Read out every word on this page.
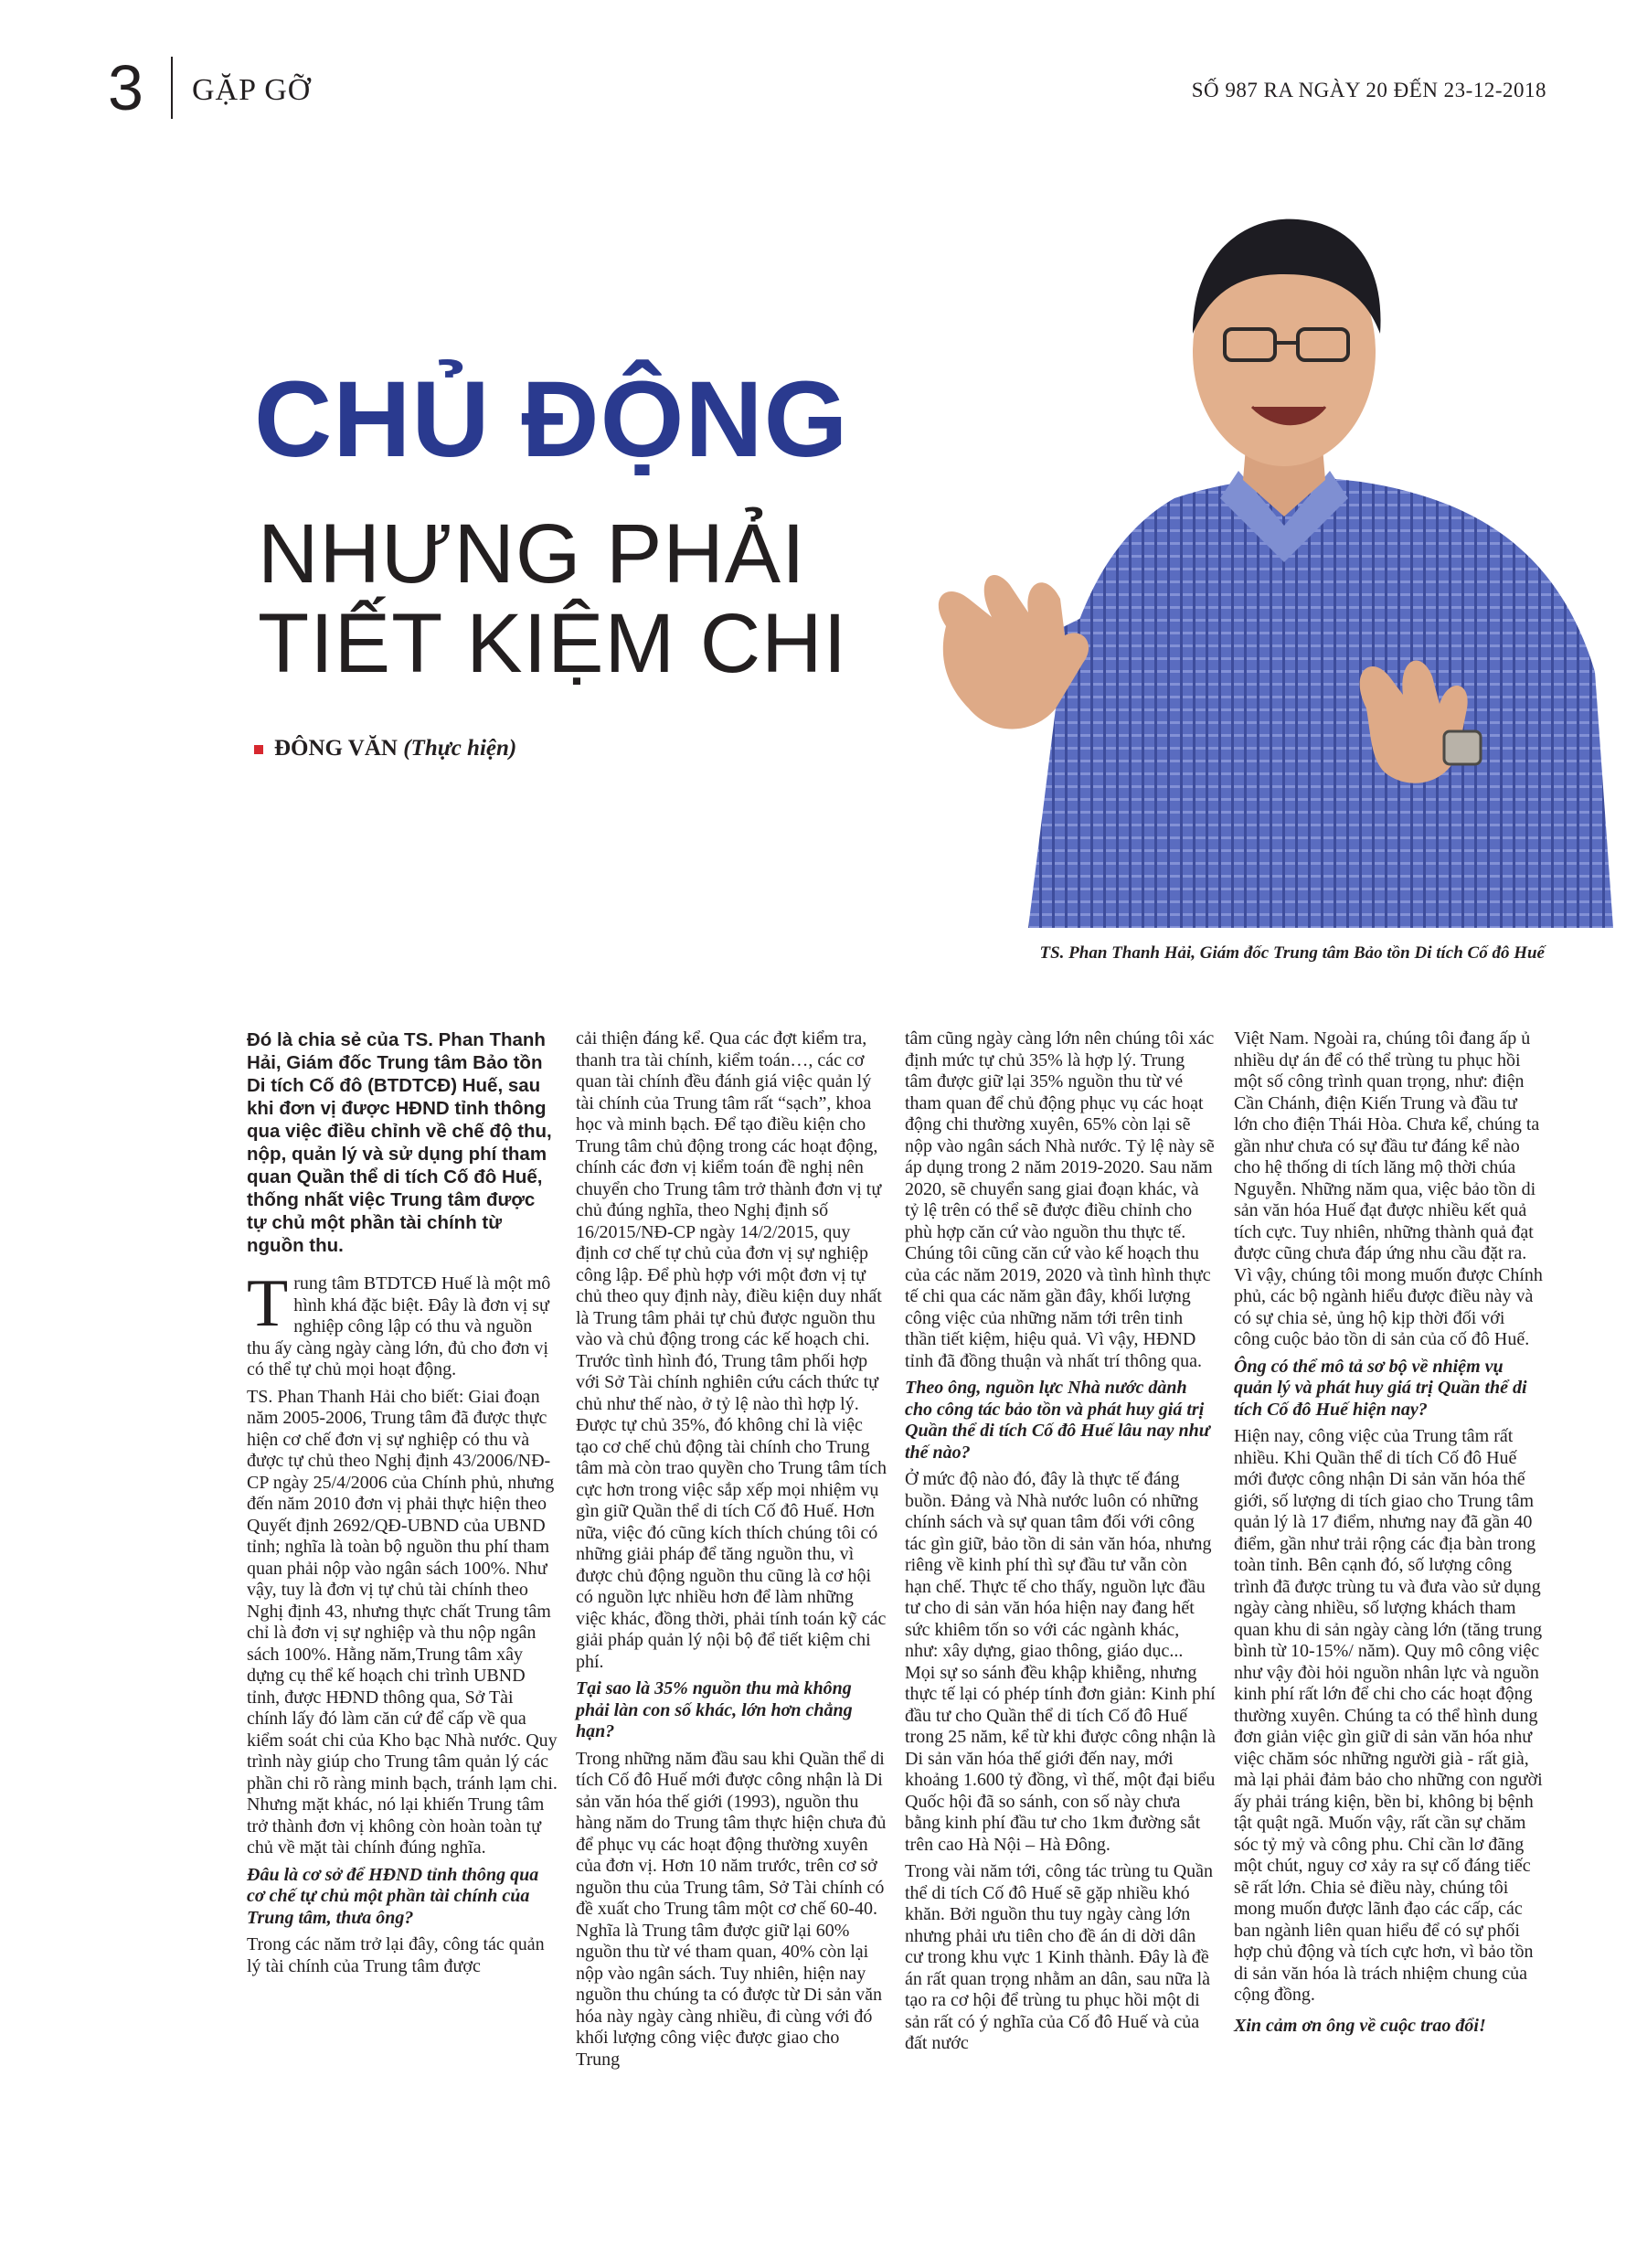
3 GẶP GỠ	SỐ 987 RA NGÀY 20 ĐẾN 23-12-2018
CHỦ ĐỘNG
NHƯNG PHẢI
TIẾT KIỆM CHI
ĐÔNG VĂN (Thực hiện)
TS. Phan Thanh Hải, Giám đốc Trung tâm Bảo tồn Di tích Cố đô Huế

Đó là chia sẻ của TS. Phan Thanh Hải, Giám đốc Trung tâm Bảo tồn Di tích Cố đô (BTDTCĐ) Huế, sau khi đơn vị được HĐND tỉnh thông qua việc điều chỉnh về chế độ thu, nộp, quản lý và sử dụng phí tham quan Quần thể di tích Cố đô Huế, thống nhất việc Trung tâm được tự chủ một phần tài chính từ nguồn thu.

T rung tâm BTDTCĐ Huế là một mô hình khá đặc biệt. Đây là đơn vị sự nghiệp công lập có thu và nguồn thu ấy càng ngày càng lớn, đủ cho đơn vị có thể tự chủ mọi hoạt động.

TS. Phan Thanh Hải cho biết: Giai đoạn năm 2005-2006, Trung tâm đã được thực hiện cơ chế đơn vị sự nghiệp có thu và được tự chủ theo Nghị định 43/2006/NĐ-CP ngày 25/4/2006 của Chính phủ, nhưng đến năm 2010 đơn vị phải thực hiện theo Quyết định 2692/QĐ-UBND của UBND tỉnh; nghĩa là toàn bộ nguồn thu phí tham quan phải nộp vào ngân sách 100%. Như vậy, tuy là đơn vị tự chủ tài chính theo Nghị định 43, nhưng thực chất Trung tâm chỉ là đơn vị sự nghiệp và thu nộp ngân sách 100%. Hằng năm,Trung tâm xây dựng cụ thể kế hoạch chi trình UBND tỉnh, được HĐND thông qua, Sở Tài chính lấy đó làm căn cứ để cấp về qua kiểm soát chi của Kho bạc Nhà nước. Quy trình này giúp cho Trung tâm quản lý các phần chi rõ ràng minh bạch, tránh lạm chi. Nhưng mặt khác, nó lại khiến Trung tâm trở thành đơn vị không còn hoàn toàn tự chủ về mặt tài chính đúng nghĩa.

Đâu là cơ sở để HĐND tỉnh thông qua cơ chế tự chủ một phần tài chính của Trung tâm, thưa ông?

Trong các năm trở lại đây, công tác quản lý tài chính của Trung tâm được

cải thiện đáng kể. Qua các đợt kiểm tra, thanh tra tài chính, kiểm toán…, các cơ quan tài chính đều đánh giá việc quản lý tài chính của Trung tâm rất “sạch”, khoa học và minh bạch. Để tạo điều kiện cho Trung tâm chủ động trong các hoạt động, chính các đơn vị kiểm toán đề nghị nên chuyển cho Trung tâm trở thành đơn vị tự chủ đúng nghĩa, theo Nghị định số 16/2015/NĐ-CP ngày 14/2/2015, quy định cơ chế tự chủ của đơn vị sự nghiệp công lập. Để phù hợp với một đơn vị tự chủ theo quy định này, điều kiện duy nhất là Trung tâm phải tự chủ được nguồn thu vào và chủ động trong các kế hoạch chi. Trước tình hình đó, Trung tâm phối hợp với Sở Tài chính nghiên cứu cách thức tự chủ như thế nào, ở tỷ lệ nào thì hợp lý. Được tự chủ 35%, đó không chỉ là việc tạo cơ chế chủ động tài chính cho Trung tâm mà còn trao quyền cho Trung tâm tích cực hơn trong việc sắp xếp mọi nhiệm vụ gìn giữ Quần thể di tích Cố đô Huế. Hơn nữa, việc đó cũng kích thích chúng tôi có những giải pháp để tăng nguồn thu, vì được chủ động nguồn thu cũng là cơ hội có nguồn lực nhiều hơn để làm những việc khác, đồng thời, phải tính toán kỹ các giải pháp quản lý nội bộ để tiết kiệm chi phí.

Tại sao là 35% nguồn thu mà không phải làn con số khác, lớn hơn chẳng hạn?

Trong những năm đầu sau khi Quần thể di tích Cố đô Huế mới được công nhận là Di sản văn hóa thế giới (1993), nguồn thu hàng năm do Trung tâm thực hiện chưa đủ để phục vụ các hoạt động thường xuyên của đơn vị. Hơn 10 năm trước, trên cơ sở nguồn thu của Trung tâm, Sở Tài chính có đề xuất cho Trung tâm một cơ chế 60-40. Nghĩa là Trung tâm được giữ lại 60% nguồn thu từ vé tham quan, 40% còn lại nộp vào ngân sách. Tuy nhiên, hiện nay nguồn thu chúng ta có được từ Di sản văn hóa này ngày càng nhiều, đi cùng với đó khối lượng công việc được giao cho Trung

tâm cũng ngày càng lớn nên chúng tôi xác định mức tự chủ 35% là hợp lý. Trung tâm được giữ lại 35% nguồn thu từ vé tham quan để chủ động phục vụ các hoạt động chi thường xuyên, 65% còn lại sẽ nộp vào ngân sách Nhà nước. Tỷ lệ này sẽ áp dụng trong 2 năm 2019-2020. Sau năm 2020, sẽ chuyển sang giai đoạn khác, và tỷ lệ trên có thể sẽ được điều chỉnh cho phù hợp căn cứ vào nguồn thu thực tế. Chúng tôi cũng căn cứ vào kế hoạch thu của các năm 2019, 2020 và tình hình thực tế chi qua các năm gần đây, khối lượng công việc của những năm tới trên tinh thần tiết kiệm, hiệu quả. Vì vậy, HĐND tỉnh đã đồng thuận và nhất trí thông qua.

Theo ông, nguồn lực Nhà nước dành cho công tác bảo tồn và phát huy giá trị Quần thể di tích Cố đô Huế lâu nay như thế nào?

Ở mức độ nào đó, đây là thực tế đáng buồn. Đảng và Nhà nước luôn có những chính sách và sự quan tâm đối với công tác gìn giữ, bảo tồn di sản văn hóa, nhưng riêng về kinh phí thì sự đầu tư vẫn còn hạn chế. Thực tế cho thấy, nguồn lực đầu tư cho di sản văn hóa hiện nay đang hết sức khiêm tốn so với các ngành khác, như: xây dựng, giao thông, giáo dục... Mọi sự so sánh đều khập khiễng, nhưng thực tế lại có phép tính đơn giản: Kinh phí đầu tư cho Quần thể di tích Cố đô Huế trong 25 năm, kể từ khi được công nhận là Di sản văn hóa thế giới đến nay, mới khoảng 1.600 tỷ đồng, vì thế, một đại biểu Quốc hội đã so sánh, con số này chưa bằng kinh phí đầu tư cho 1km đường sắt trên cao Hà Nội – Hà Đông.

Trong vài năm tới, công tác trùng tu Quần thể di tích Cố đô Huế sẽ gặp nhiều khó khăn. Bởi nguồn thu tuy ngày càng lớn nhưng phải ưu tiên cho đề án di dời dân cư trong khu vực 1 Kinh thành. Đây là đề án rất quan trọng nhằm an dân, sau nữa là tạo ra cơ hội để trùng tu phục hồi một di sản rất có ý nghĩa của Cố đô Huế và của đất nước

Việt Nam. Ngoài ra, chúng tôi đang ấp ủ nhiều dự án để có thể trùng tu phục hồi một số công trình quan trọng, như: điện Cần Chánh, điện Kiến Trung và đầu tư lớn cho điện Thái Hòa. Chưa kể, chúng ta gần như chưa có sự đầu tư đáng kể nào cho hệ thống di tích lăng mộ thời chúa Nguyễn. Những năm qua, việc bảo tồn di sản văn hóa Huế đạt được nhiều kết quả tích cực. Tuy nhiên, những thành quả đạt được cũng chưa đáp ứng nhu cầu đặt ra. Vì vậy, chúng tôi mong muốn được Chính phủ, các bộ ngành hiểu được điều này và có sự chia sẻ, ủng hộ kịp thời đối với công cuộc bảo tồn di sản của cố đô Huế.

Ông có thể mô tả sơ bộ về nhiệm vụ quản lý và phát huy giá trị Quần thể di tích Cố đô Huế hiện nay?

Hiện nay, công việc của Trung tâm rất nhiều. Khi Quần thể di tích Cố đô Huế mới được công nhận Di sản văn hóa thế giới, số lượng di tích giao cho Trung tâm quản lý là 17 điểm, nhưng nay đã gần 40 điểm, gần như trải rộng các địa bàn trong toàn tỉnh. Bên cạnh đó, số lượng công trình đã được trùng tu và đưa vào sử dụng ngày càng nhiều, số lượng khách tham quan khu di sản ngày càng lớn (tăng trung bình từ 10-15%/ năm). Quy mô công việc như vậy đòi hỏi nguồn nhân lực và nguồn kinh phí rất lớn để chi cho các hoạt động thường xuyên. Chúng ta có thể hình dung đơn giản việc gìn giữ di sản văn hóa như việc chăm sóc những người già - rất già, mà lại phải đảm bảo cho những con người ấy phải tráng kiện, bền bỉ, không bị bệnh tật quật ngã. Muốn vậy, rất cần sự chăm sóc tỷ mỷ và công phu. Chỉ cần lơ đãng một chút, nguy cơ xảy ra sự cố đáng tiếc sẽ rất lớn. Chia sẻ điều này, chúng tôi mong muốn được lãnh đạo các cấp, các ban ngành liên quan hiểu để có sự phối hợp chủ động và tích cực hơn, vì bảo tồn di sản văn hóa là trách nhiệm chung của cộng đồng.

Xin cảm ơn ông về cuộc trao đổi!
